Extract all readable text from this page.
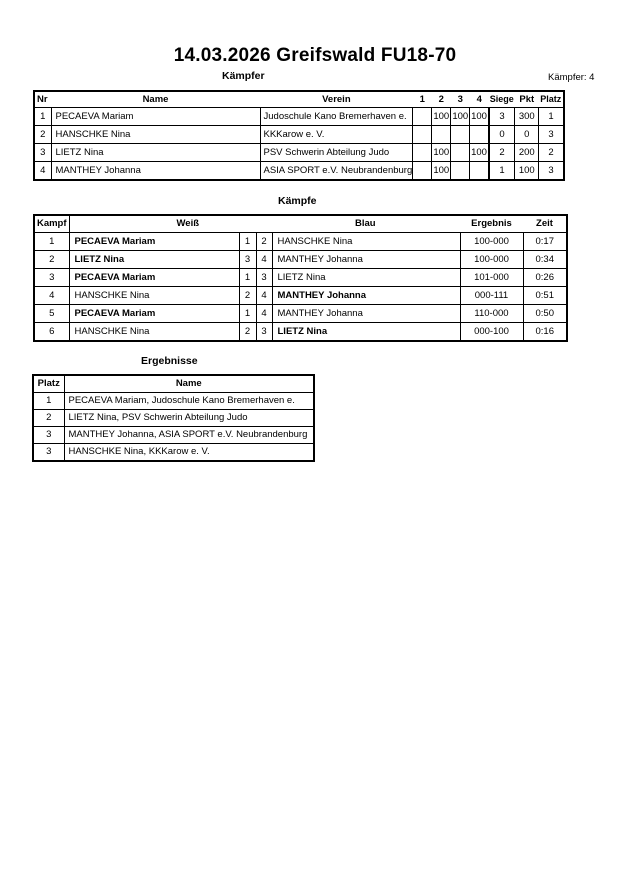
14.03.2026 Greifswald FU18-70
Kämpfer	Kämpfer: 4
Nr	Name	Verein	1	2	3	4	Siege	Pkt	Platz
1	PECAEVA Mariam	Judoschule Kano Bremerhaven e.		100	100	100	3	300	1
2	HANSCHKE Nina	KKKarow e. V.					0	0	3
3	LIETZ Nina	PSV Schwerin Abteilung Judo		100		100	2	200	2
4	MANTHEY Johanna	ASIA SPORT e.V. Neubrandenburg		100			1	100	3
Kämpfe
Kampf	Weiß			Blau	Ergebnis	Zeit
1	PECAEVA Mariam	1	2	HANSCHKE Nina	100-000	0:17
2	LIETZ Nina	3	4	MANTHEY Johanna	100-000	0:34
3	PECAEVA Mariam	1	3	LIETZ Nina	101-000	0:26
4	HANSCHKE Nina	2	4	MANTHEY Johanna	000-111	0:51
5	PECAEVA Mariam	1	4	MANTHEY Johanna	110-000	0:50
6	HANSCHKE Nina	2	3	LIETZ Nina	000-100	0:16
Ergebnisse
Platz	Name
1	PECAEVA Mariam, Judoschule Kano Bremerhaven e.
2	LIETZ Nina, PSV Schwerin Abteilung Judo
3	MANTHEY Johanna, ASIA SPORT e.V. Neubrandenburg
3	HANSCHKE Nina, KKKarow e. V.
